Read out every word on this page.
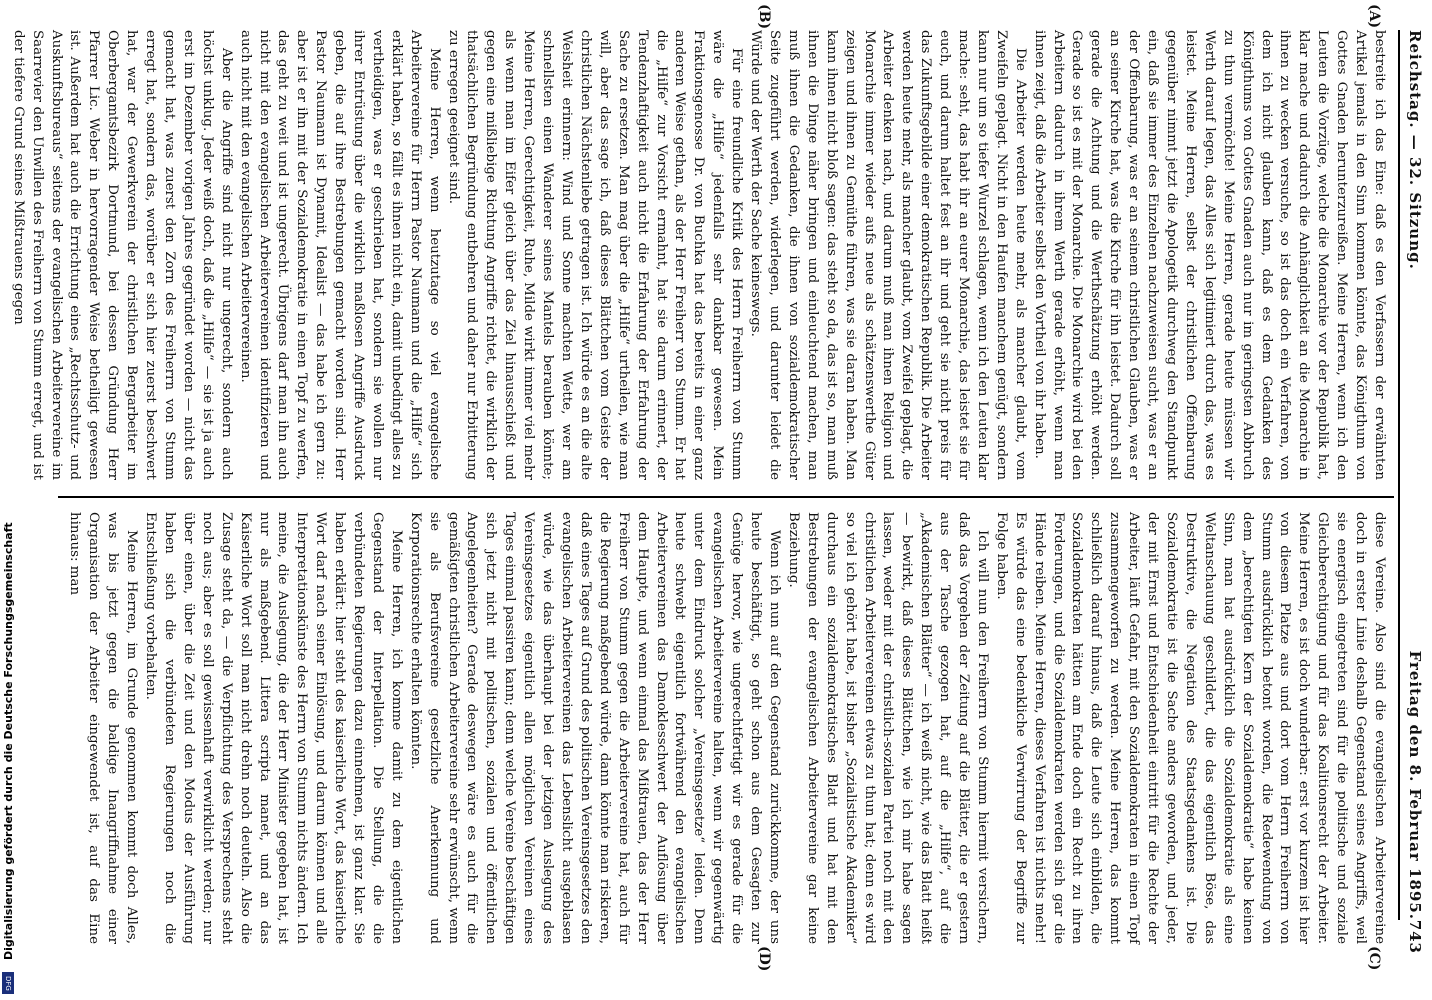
Digitalisierung gefördert durch die Deutsche Forschungsgemeinschaft
DFG
Reichstag. — 32. Sitzung.
Freitag den 8. Februar 1895.
743
(A)
(B)
(C)
(D)

bestreite ich das Eine: daß es den Verfassern der erwähnten Artikel jemals in den Sinn kommen könnte, das Königthum von Gottes Gnaden herunterzureißen. Meine Herren, wenn ich den Leuten die Vorzüge, welche die Monarchie vor der Republik hat, klar mache und dadurch die Anhänglichkeit an die Monarchie in ihnen zu wecken versuche, so ist das doch ein Verfahren, von dem ich nicht glauben kann, daß es dem Gedanken des Königthums von Gottes Gnaden auch nur im geringsten Abbruch zu thun vermöchte! Meine Herren, gerade heute müssen wir Werth darauf legen, das Alles sich legitimiert durch das, was es leistet. Meine Herren, selbst der christlichen Offenbarung gegenüber nimmt jetzt die Apologetik durchweg den Standpunkt ein, daß sie immer des Einzelnen nachzuweisen sucht, was er an der Offenbarung, was er an seinem christlichen Glauben, was er an seiner Kirche hat, was die Kirche für ihn leistet. Dadurch soll gerade die Achtung und die Werthschätzung erhöht werden. Gerade so ist es mit der Monarchie. Die Monarchie wird bei den Arbeitern dadurch in ihrem Werth gerade erhöht, wenn man ihnen zeigt, daß die Arbeiter selbst den Vortheil von ihr haben.

Die Arbeiter werden heute mehr, als mancher glaubt, vom Zweifeln geplagt. Nicht in den Haufen manchem genügt, sondern kann nur um so tiefer Wurzel schlagen, wenn ich den Leuten klar mache: seht, das habt ihr an eurer Monarchie, das leistet sie für euch, und darum haltet fest an ihr und geht sie nicht preis für das Zukunftsgebilde einer demokratischen Republik. Die Arbeiter werden heute mehr, als mancher glaubt, vom Zweifel geplagt, die Arbeiter denken nach, und darum muß man ihnen Religion und Monarchie immer wieder aufs neue als schätzenswerthe Güter zeigen und ihnen zu Gemüthe führen, was sie daran haben. Man kann ihnen nicht bloß sagen: das steht so da, das ist so, man muß ihnen die Dinge näher bringen und einleuchtend machen, man muß ihnen die Gedanken, die ihnen von sozialdemokratischer Seite zugeführt werden, widerlegen, und darunter leidet die Würde und der Werth der Sache keineswegs.

Für eine freundliche Kritik des Herrn Freiherrn von Stumm wäre die „Hilfe“ jedenfalls sehr dankbar gewesen. Mein Fraktionsgenosse Dr. von Buchka hat das bereits in einer ganz anderen Weise gethan, als der Herr Freiherr von Stumm. Er hat die „Hilfe“ zur Vorsicht ermahnt, hat sie darum erinnert, der Tendenzhaftigkeit auch nicht die Erfahrung der Erfahrung der Sache zu ersetzen. Man mag über die „Hilfe“ urtheilen, wie man will, aber das sage ich, daß dieses Blättchen vom Geiste der christlichen Nächstenliebe getragen ist. Ich würde es an die alte Weisheit erinnern: Wind und Sonne machten Wette, wer am schnellsten einen Wanderer seines Mantels berauben könnte; Meine Herren, Gerechtigkeit, Ruhe, Milde wirkt immer viel mehr als wenn man im Eifer gleich über das Ziel hinausschießt und gegen eine mißliebige Richtung Angriffe richtet, die wirklich der thatsächlichen Begründung entbehren und daher nur Erbitterung zu erregen geeignet sind.

Meine Herren, wenn heutzutage so viel evangelische Arbeitervereine für Herrn Pastor Naumann und die „Hilfe“ sich erklärt haben, so fällt es ihnen nicht ein, damit unbedingt alles zu vertheidigen, was er geschrieben hat, sondern sie wollen nur ihrer Entrüstung über die wirklich maßlosen Angriffe Ausdruck geben, die auf ihre Bestrebungen gemacht worden sind. Herr Pastor Naumann ist Dynamit, Idealist — das habe ich gern zu: aber ist er ihn mit der Sozialdemokratie in einen Topf zu werfen, das geht zu weit und ist ungerecht. Übrigens darf man ihn auch nicht mit den evangelischen Arbeitervereinen identifizieren und auch nicht mit den evangelischen Arbeitervereinen.

Aber die Angriffe sind nicht nur ungerecht, sondern auch höchst unklug. Jeder weiß doch, daß die „Hilfe“ — sie ist ja auch erst im Dezember vorigen Jahres gegründet worden — nicht das gemacht hat, was zuerst den Zorn des Freiherrn von Stumm erregt hat, sondern das, worüber er sich hier zuerst beschwert hat, war der Gewerkverein der christlichen Bergarbeiter im Oberbergamtsbezirk Dortmund, bei dessen Gründung Herr Pfarrer Lic. Weber in hervorragender Weise betheiligt gewesen ist. Außerdem hat auch die Errichtung eines „Rechtsschutz- und Auskunftsbureaus“ seitens der evangelischen Arbeitervereine im Saarrevier den Unwillen des Freiherrn von Stumm erregt, und ist der tiefere Grund seines Mißtrauens gegen

diese Vereine. Also sind die evangelischen Arbeitervereine doch in erster Linie deshalb Gegenstand seines Angriffs, weil sie energisch eingetreten sind für die politische und soziale Gleichberechtigung und für das Koalitionsrecht der Arbeiter. Meine Herren, es ist doch wunderbar: erst vor kurzem ist hier von diesem Platze aus und dort vom Herrn Freiherrn von Stumm ausdrücklich betont worden, die Redewendung von dem „berechtigten Kern der Sozialdemokratie“ habe keinen Sinn, man hat ausdrücklich die Sozialdemokratie als eine Weltanschauung geschildert, die das eigentlich Böse, das Destruktive, die Negation des Staatsgedankens ist. Die Sozialdemokratie ist die Sache anders geworden, und jeder, der mit Ernst und Entschiedenheit eintritt für die Rechte der Arbeiter, läuft Gefahr, mit den Sozialdemokraten in einen Topf zusammengeworfen zu werden. Meine Herren, das kommt schließlich darauf hinaus, daß die Leute sich einbilden, die Sozialdemokraten hätten am Ende doch ein Recht zu ihren Forderungen, und die Sozialdemokraten werden sich gar die Hände reiben. Meine Herren, dieses Verfahren ist nichts mehr! Es würde das eine bedenkliche Verwirrung der Begriffe zur Folge haben.

Ich will nun den Freiherrn von Stumm hiermit versichern, daß das Vorgehen der Zeitung auf die Blätter, die er gestern aus der Tasche gezogen hat, auf die „Hilfe“, auf die „Akademischen Blätter“ — ich weiß nicht, wie das Blatt heißt — bewirkt, daß dieses Blättchen, wie ich mir habe sagen lassen, weder mit der christlich-sozialen Partei noch mit den christlichen Arbeitervereinen etwas zu thun hat; denn es wird so viel ich gehört habe, ist bisher „Sozialistische Akademiker“ durchaus ein sozialdemokratisches Blatt und hat mit den Bestrebungen der evangelischen Arbeitervereine gar keine Beziehung.

Wenn ich nun auf den Gegenstand zurückkomme, der uns heute beschäftigt, so geht schon aus dem Gesagten zur Genüge hervor, wie ungerechtfertigt wir es gerade für die evangelischen Arbeitervereine halten, wenn wir gegenwärtig unter dem Eindruck solcher „Vereinsgesetze“ leiden. Denn heute schwebt eigentlich fortwährend den evangelischen Arbeitervereinen das Damoklesschwert der Auflösung über dem Haupte, und wenn einmal das Mißtrauen, das der Herr Freiherr von Stumm gegen die Arbeitervereine hat, auch für die Regierung maßgebend würde, dann könnte man riskieren, daß eines Tages auf Grund des politischen Vereinsgesetzes den evangelischen Arbeitervereinen das Lebenslicht ausgeblasen würde, wie das überhaupt bei der jetzigen Auslegung des Vereinsgesetzes eigentlich allen möglichen Vereinen eines Tages einmal passiren kann; denn welche Vereine beschäftigen sich jetzt nicht mit politischen, sozialen und öffentlichen Angelegenheiten? Gerade deswegen wäre es auch für die gemäßigten christlichen Arbeitervereine sehr erwünscht, wenn sie als Berufsvereine gesetzliche Anerkennung und Korporationsrechte erhalten könnten.

Meine Herren, ich komme damit zu dem eigentlichen Gegenstand der Interpellation. Die Stellung, die die verbündeten Regierungen dazu einnehmen, ist ganz klar. Sie haben erklärt: hier steht des kaiserliche Wort, das kaiserliche Wort darf nach seiner Einlösung, und darum können und alle Interpretationskünste des Herrn von Stumm nichts ändern. Ich meine, die Auslegung, die der Herr Minister gegeben hat, ist nur als maßgebend. Littera scripta manet, und an das Kaiserliche Wort soll man nicht drehn noch deuteln. Also die Zusage steht da, — die Verpflichtung des Versprechens steht noch aus; aber es soll gewissenhaft verwirklicht werden; nur über einen, über die Zeit und den Modus der Ausführung haben sich die verbündeten Regierungen noch die Entschließung vorbehalten.

Meine Herren, im Grunde genommen kommt doch Alles, was bis jetzt gegen die baldige Inangriffnahme einer Organisation der Arbeiter eingewendet ist, auf das Eine hinaus: man
